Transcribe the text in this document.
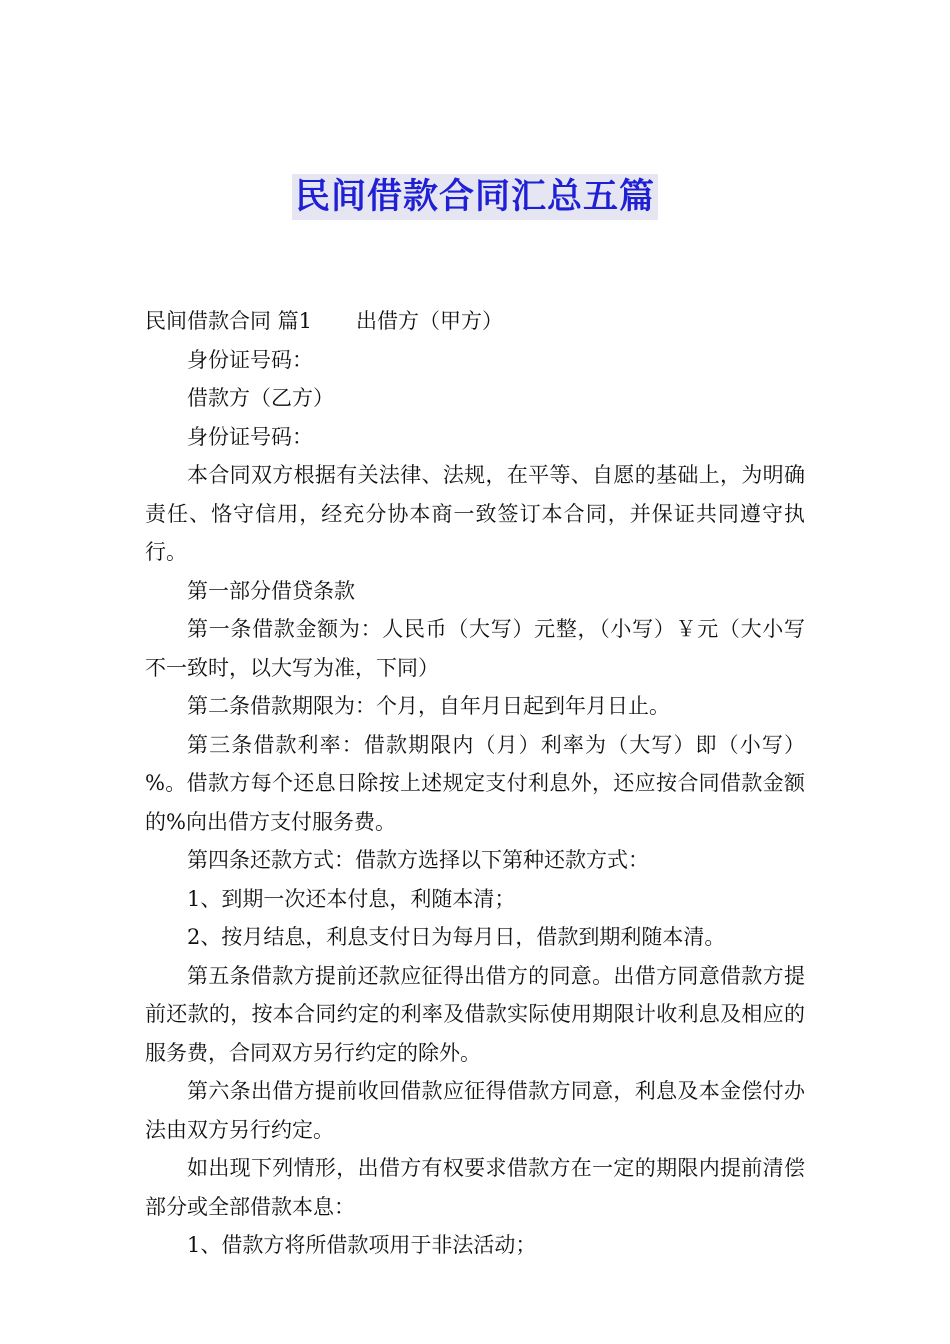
民间借款合同汇总五篇

民间借款合同 篇1 出借方（甲方）

身份证号码：

借款方（乙方）

身份证号码：

本合同双方根据有关法律、法规，在平等、自愿的基础上，为明确责任、恪守信用，经充分协本商一致签订本合同，并保证共同遵守执行。

第一部分借贷条款

第一条借款金额为：人民币（大写）元整，（小写）￥元（大小写不一致时，以大写为准，下同）

第二条借款期限为：个月，自年月日起到年月日止。

第三条借款利率：借款期限内（月）利率为（大写）即（小写）%。借款方每个还息日除按上述规定支付利息外，还应按合同借款金额的%向出借方支付服务费。

第四条还款方式：借款方选择以下第种还款方式：

1、到期一次还本付息，利随本清；

2、按月结息，利息支付日为每月日，借款到期利随本清。

第五条借款方提前还款应征得出借方的同意。出借方同意借款方提前还款的，按本合同约定的利率及借款实际使用期限计收利息及相应的服务费，合同双方另行约定的除外。

第六条出借方提前收回借款应征得借款方同意，利息及本金偿付办法由双方另行约定。

如出现下列情形，出借方有权要求借款方在一定的期限内提前清偿部分或全部借款本息：

1、借款方将所借款项用于非法活动；
